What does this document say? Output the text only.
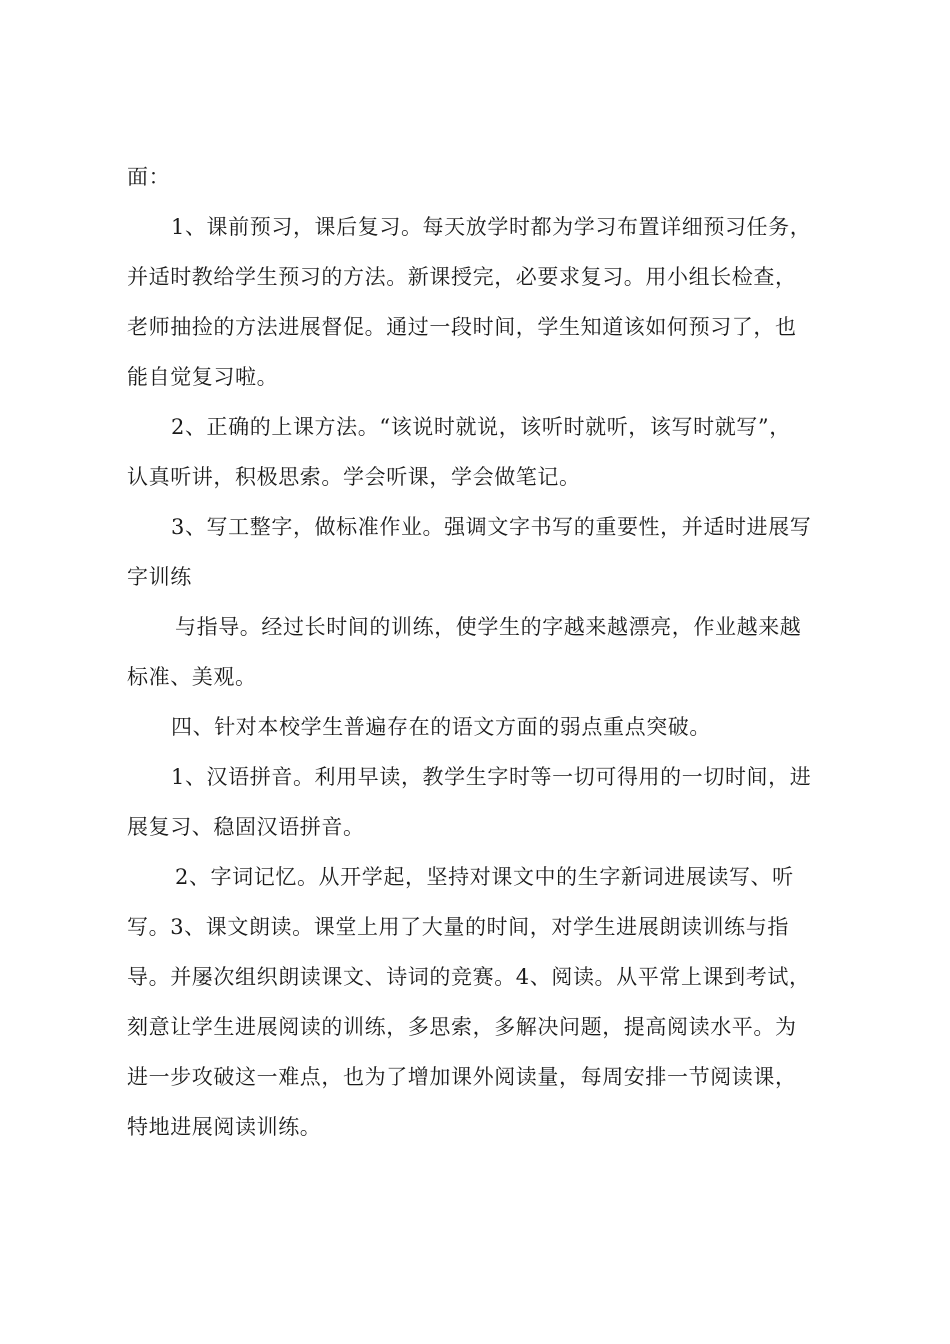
面：
1、课前预习，课后复习。每天放学时都为学习布置详细预习任务，
并适时教给学生预习的方法。新课授完，必要求复习。用小组长检查，
老师抽捡的方法进展督促。通过一段时间，学生知道该如何预习了，也
能自觉复习啦。
2、正确的上课方法。“该说时就说，该听时就听，该写时就写”，
认真听讲，积极思索。学会听课，学会做笔记。
3、写工整字，做标准作业。强调文字书写的重要性，并适时进展写
字训练
与指导。经过长时间的训练，使学生的字越来越漂亮，作业越来越
标准、美观。
四、针对本校学生普遍存在的语文方面的弱点重点突破。
1、汉语拼音。利用早读，教学生字时等一切可得用的一切时间，进
展复习、稳固汉语拼音。
2、字词记忆。从开学起，坚持对课文中的生字新词进展读写、听
写。3、课文朗读。课堂上用了大量的时间，对学生进展朗读训练与指
导。并屡次组织朗读课文、诗词的竞赛。4、阅读。从平常上课到考试，
刻意让学生进展阅读的训练，多思索，多解决问题，提高阅读水平。为
进一步攻破这一难点，也为了增加课外阅读量，每周安排一节阅读课，
特地进展阅读训练。
